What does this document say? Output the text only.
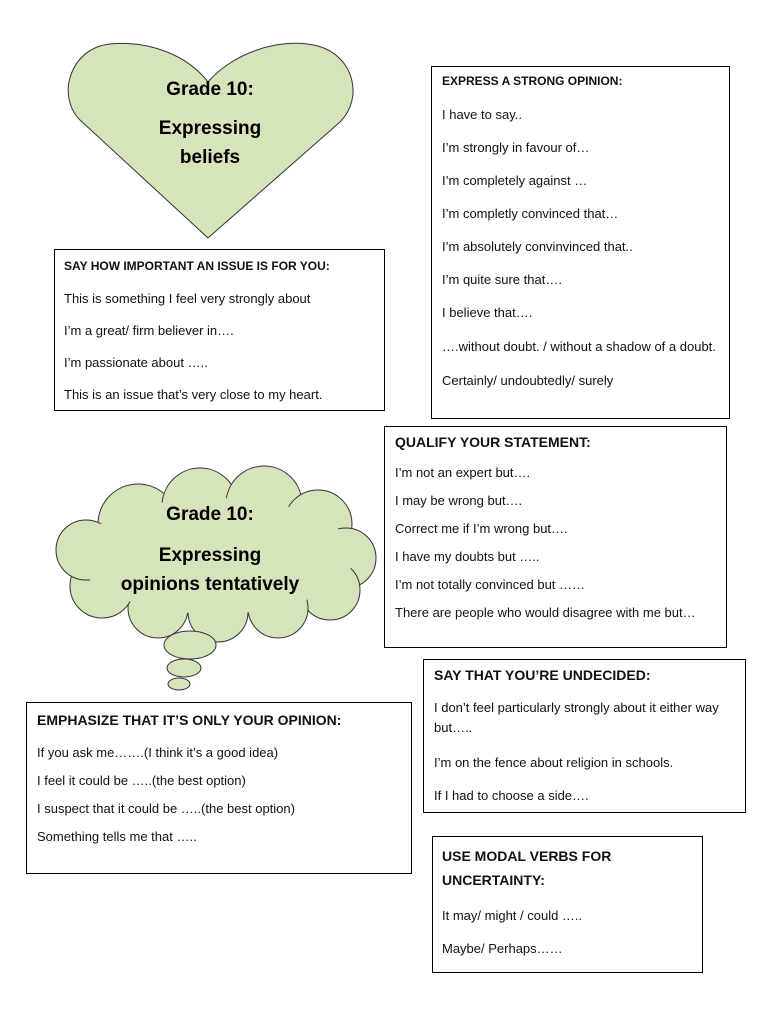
Grade 10:
Expressing
beliefs

SAY HOW IMPORTANT AN ISSUE IS FOR YOU:

This is something I feel very strongly about

I’m a great/ firm believer in….

I’m passionate about …..

This is an issue that’s very close to my heart.

EXPRESS A STRONG OPINION:

I have to say..

I’m strongly in favour of…

I’m completely against …

I’m completly convinced that…

I’m absolutely convinvinced that..

I’m quite sure that….

I believe that….

….without doubt. / without a shadow of a doubt.

Certainly/ undoubtedly/ surely

QUALIFY YOUR STATEMENT:

I’m not an expert but….

I may be wrong but….

Correct me if I’m wrong but….

I have my doubts but …..

I’m not totally convinced but ……

There are people who would disagree with me but…

Grade 10:
Expressing
opinions tentatively

SAY THAT YOU’RE UNDECIDED:

I don’t feel particularly strongly about it either way but…..

I’m on the fence about religion in schools.

If I had to choose a side….

EMPHASIZE THAT IT’S ONLY YOUR OPINION:

If you ask me…….(I think it’s a good idea)

I feel it could be …..(the best option)

I suspect that it could be …..(the best option)

Something tells me that …..

USE MODAL VERBS FOR UNCERTAINTY:

It may/ might / could …..

Maybe/ Perhaps……
